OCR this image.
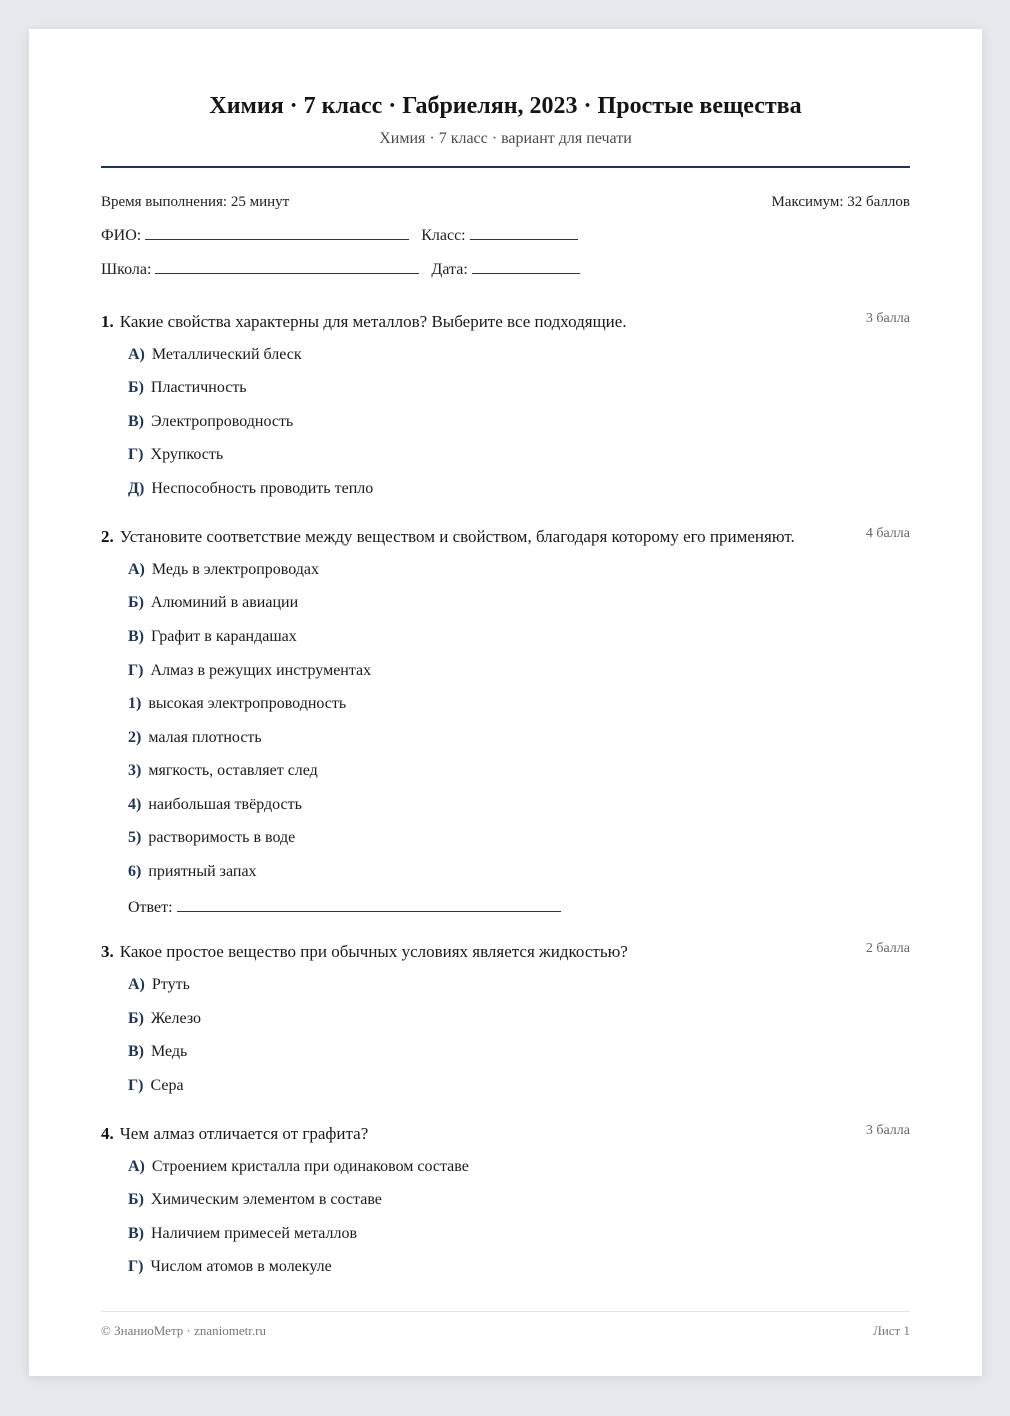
Химия · 7 класс · Габриелян, 2023 · Простые вещества
Химия · 7 класс · вариант для печати
Время выполнения: 25 минут	Максимум: 32 баллов
ФИО:	Класс:
Школа:	Дата:
1. Какие свойства характерны для металлов? Выберите все подходящие.	3 балла
А) Металлический блеск
Б) Пластичность
В) Электропроводность
Г) Хрупкость
Д) Неспособность проводить тепло
2. Установите соответствие между веществом и свойством, благодаря которому его применяют.	4 балла
А) Медь в электропроводах
Б) Алюминий в авиации
В) Графит в карандашах
Г) Алмаз в режущих инструментах
1) высокая электропроводность
2) малая плотность
3) мягкость, оставляет след
4) наибольшая твёрдость
5) растворимость в воде
6) приятный запах
Ответ:
3. Какое простое вещество при обычных условиях является жидкостью?	2 балла
А) Ртуть
Б) Железо
В) Медь
Г) Сера
4. Чем алмаз отличается от графита?	3 балла
А) Строением кристалла при одинаковом составе
Б) Химическим элементом в составе
В) Наличием примесей металлов
Г) Числом атомов в молекуле
© ЗнаниоМетр · znaniometr.ru	Лист 1
